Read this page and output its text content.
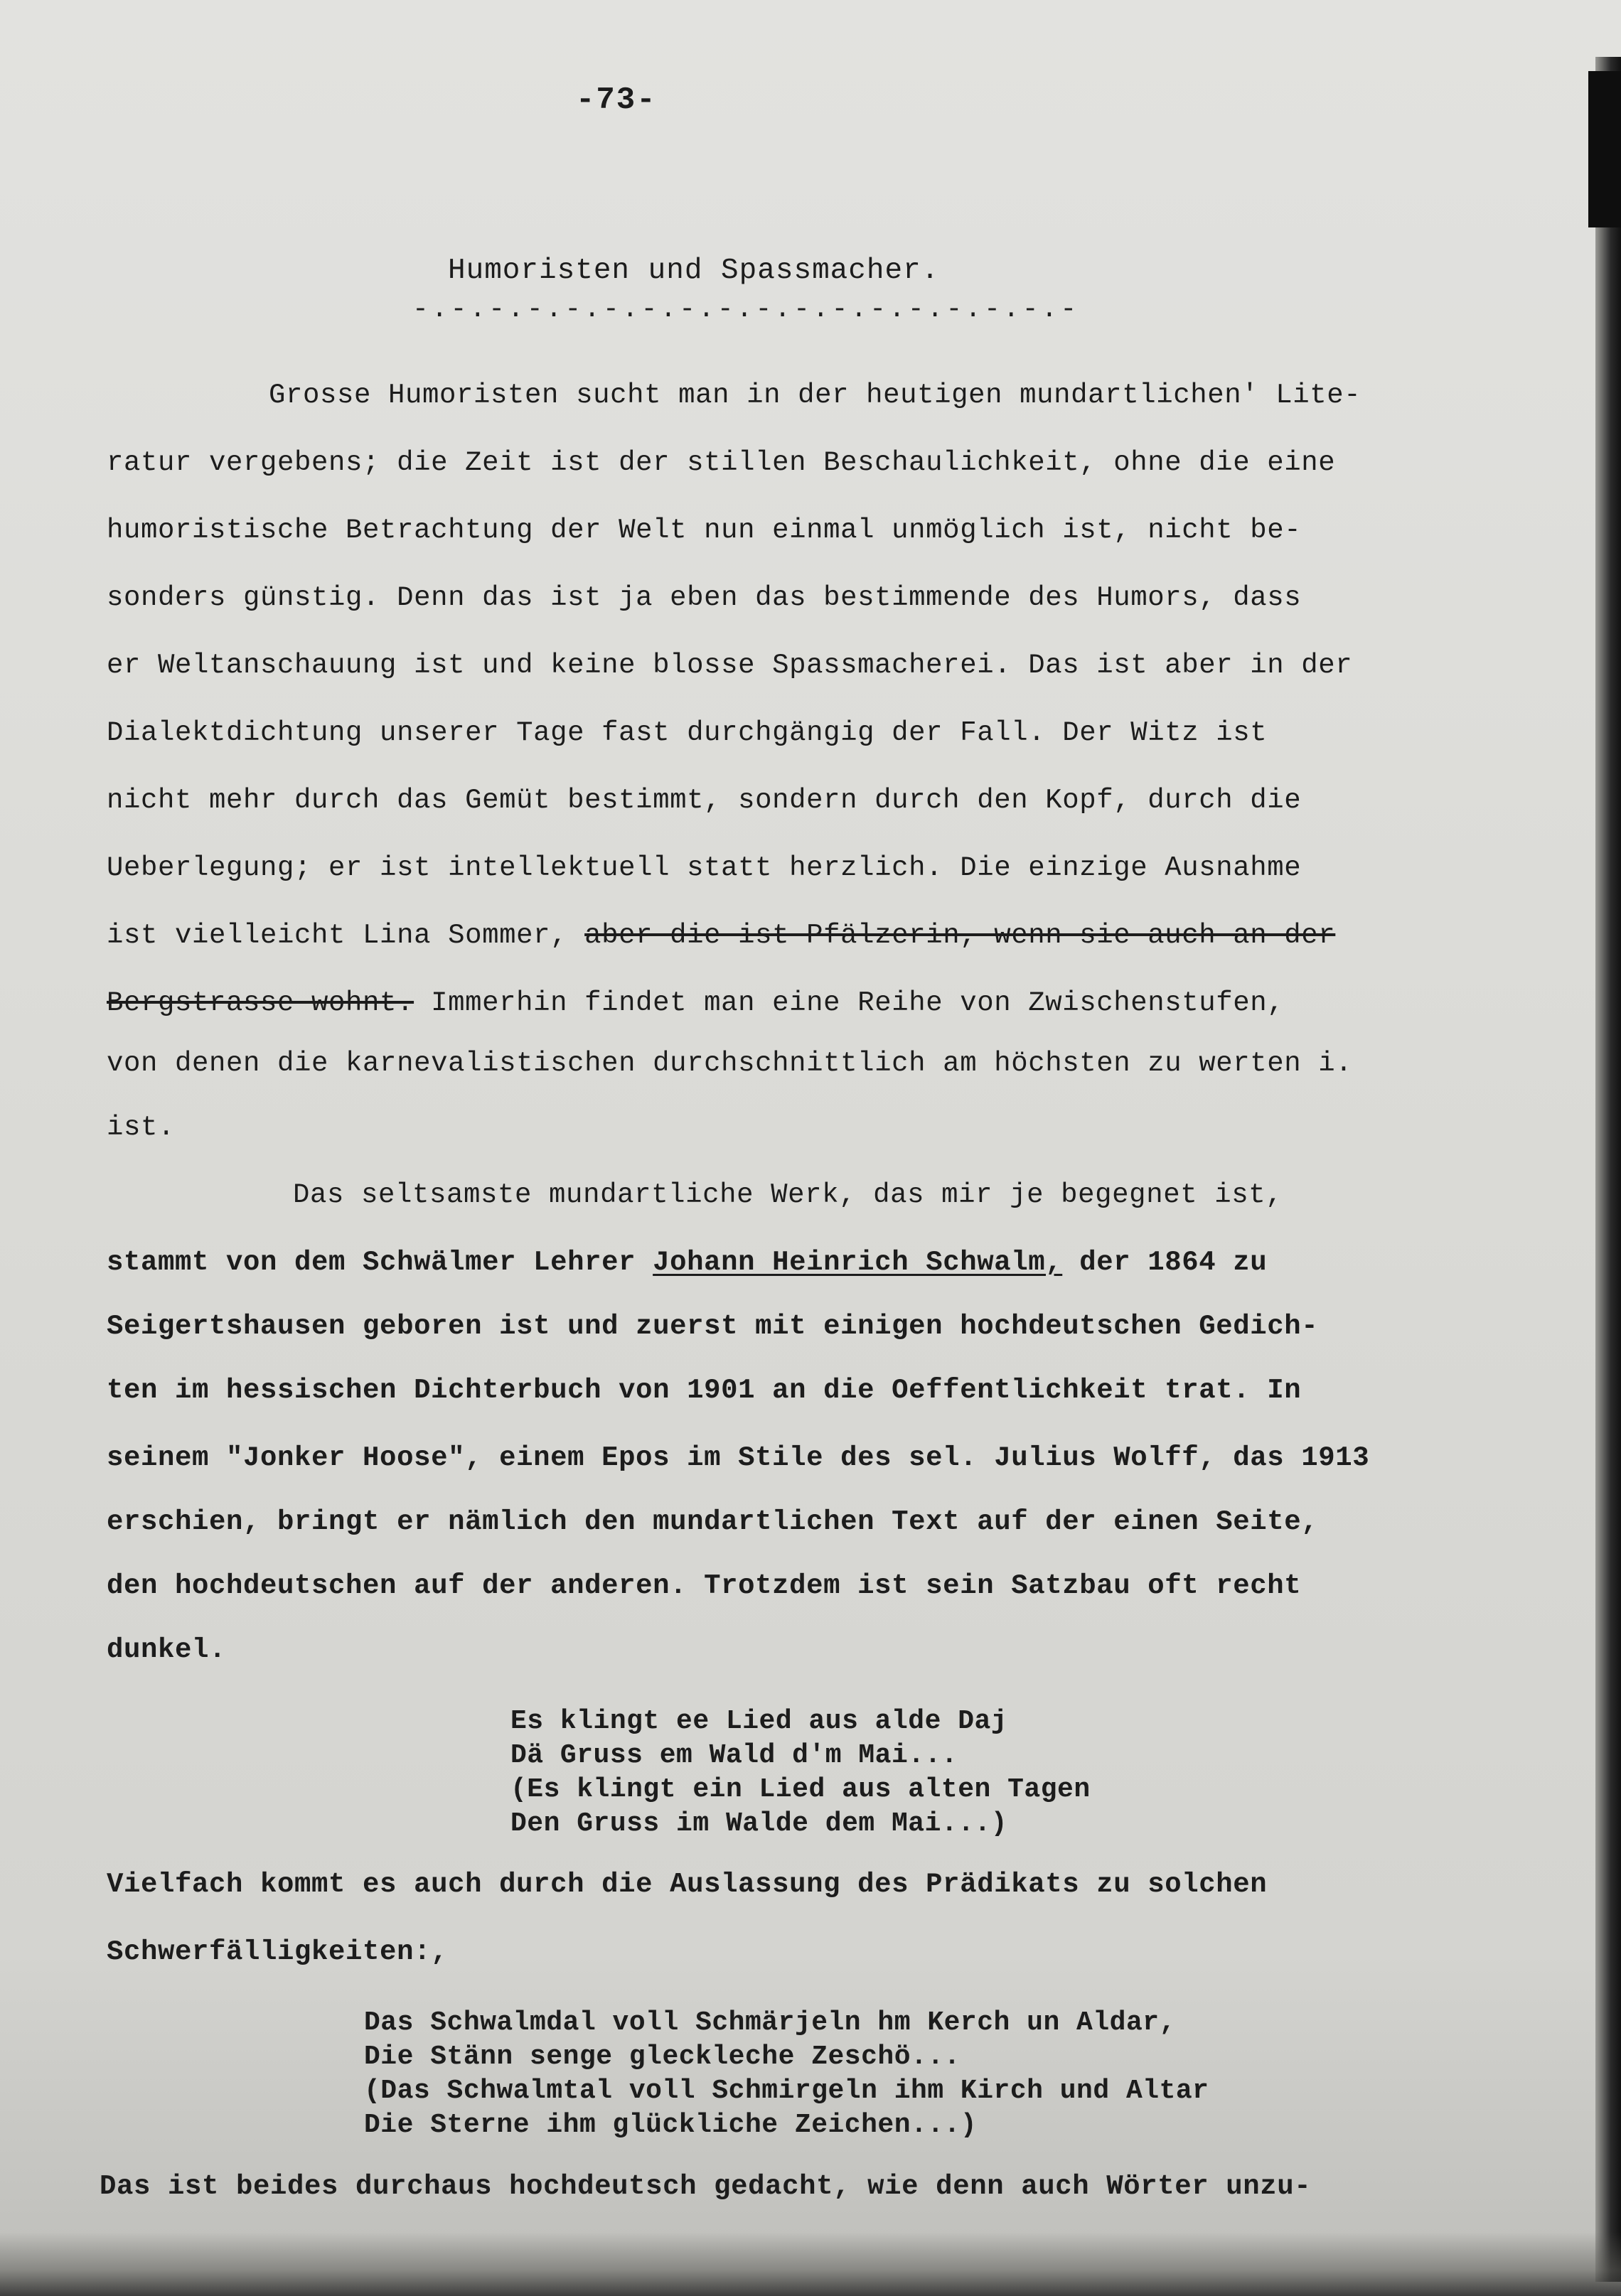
-73-
Humoristen und Spassmacher.
-.-.-.-.-.-.-.-.-.-.-.-.-.-.-.-.-.-
Grosse Humoristen sucht man in der heutigen mundartlichen' Lite-
ratur vergebens; die Zeit ist der stillen Beschaulichkeit, ohne die eine
humoristische Betrachtung der Welt nun einmal unmöglich ist, nicht be-
sonders günstig. Denn das ist ja eben das bestimmende des Humors, dass
er Weltanschauung ist und keine blosse Spassmacherei. Das ist aber in der
Dialektdichtung unserer Tage fast durchgängig der Fall. Der Witz ist
nicht mehr durch das Gemüt bestimmt, sondern durch den Kopf, durch die
Ueberlegung; er ist intellektuell statt herzlich. Die einzige Ausnahme
ist vielleicht Lina Sommer, aber die ist Pfälzerin, wenn sie auch an der
Bergstrasse wohnt. Immerhin findet man eine Reihe von Zwischenstufen,
von denen die karnevalistischen durchschnittlich am höchsten zu werten i.
ist.
Das seltsamste mundartliche Werk, das mir je begegnet ist,
stammt von dem Schwälmer Lehrer Johann Heinrich Schwalm, der 1864 zu
Seigertshausen geboren ist und zuerst mit einigen hochdeutschen Gedich-
ten im hessischen Dichterbuch von 1901 an die Oeffentlichkeit trat. In
seinem "Jonker Hoose", einem Epos im Stile des sel. Julius Wolff, das 1913
erschien, bringt er nämlich den mundartlichen Text auf der einen Seite,
den hochdeutschen auf der anderen. Trotzdem ist sein Satzbau oft recht
dunkel.
Es klingt ee Lied aus alde Daj
Dä Gruss em Wald d'm Mai...
(Es klingt ein Lied aus alten Tagen
Den Gruss im Walde dem Mai...)
Vielfach kommt es auch durch die Auslassung des Prädikats zu solchen
Schwerfälligkeiten:,
Das Schwalmdal voll Schmärjeln hm Kerch un Aldar,
Die Stänn senge gleckleche Zeschö...
(Das Schwalmtal voll Schmirgeln ihm Kirch und Altar
Die Sterne ihm glückliche Zeichen...)
Das ist beides durchaus hochdeutsch gedacht, wie denn auch Wörter unzu-
